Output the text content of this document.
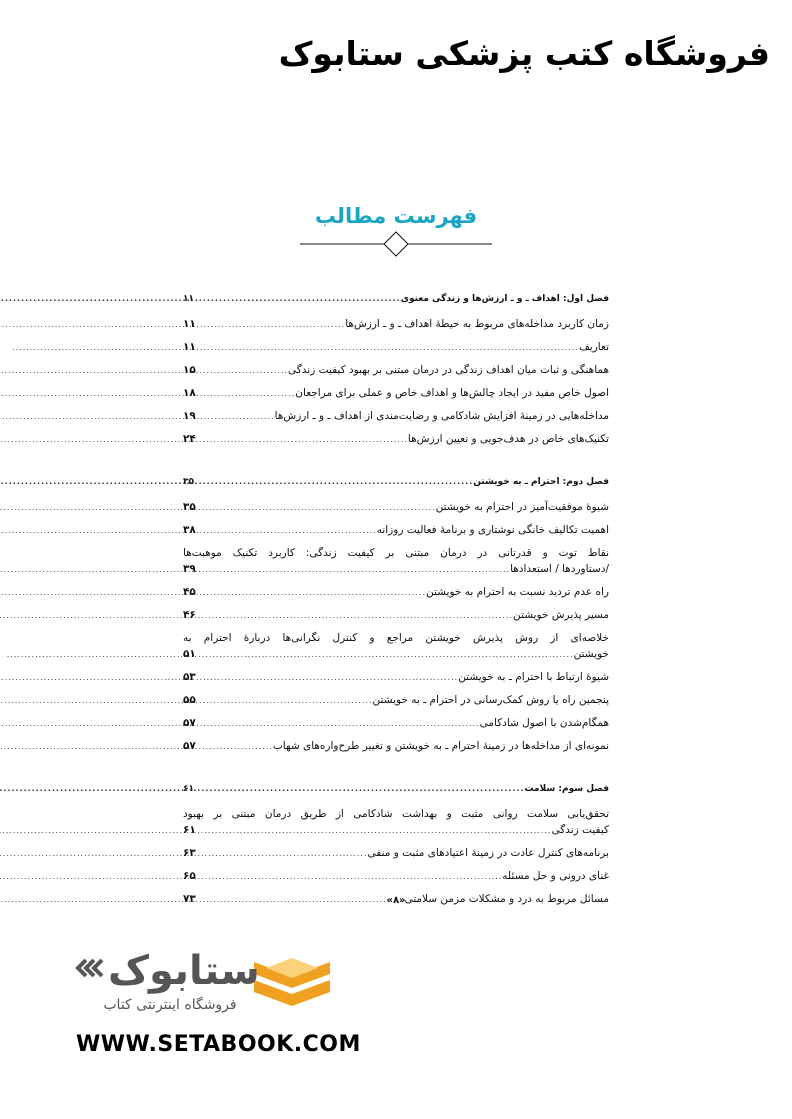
فروشگاه کتب پزشکی ستابوک
فهرست مطالب
فصل اول: اهداف ـ و ـ ارزش‌ها و زندگی معنوی
.....
۱۱
زمان کاربرد مداخله‌های مربوط به حیطهٔ اهداف ـ و ـ ارزش‌ها
.....
۱۱
تعاریف
.....
۱۱
هماهنگی و ثبات میان اهداف زندگی در درمان مبتنی بر بهبود کیفیت زندگی
.....
۱۵
اصول خاص مفید در ایجاد چالش‌ها و اهداف خاص و عملی برای مراجعان
.....
۱۸
مداخله‌هایی در زمینهٔ افزایش شادکامی و رضایت‌مندی از اهداف ـ و ـ ارزش‌ها
.....
۱۹
تکنیک‌های خاص در هدف‌جویی و تعیین ارزش‌ها
.....
۲۴
فصل دوم: احترام ـ به خویشتن
.....
۳۵
شیوهٔ موفقیت‌آمیز در احترام به خویشتن
.....
۳۵
اهمیت تکالیف خانگی نوشتاری و برنامهٔ فعالیت روزانه
.....
۳۸
نقاط توت و قدرتانی در درمان مبتنی بر کیفیت زندگی: کاربرد تکنیک موهبت‌ها
/دستاوردها / استعدادها
.....
۳۹
راه عدم تردید نسبت به احترام به خویشتن
.....
۴۵
مسیر پذیرش خویشتن
.....
۴۶
خلاصه‌ای از روش پذیرش خویشتن مراجع و کنترل نگرانی‌ها دربارهٔ احترام به
خویشتن
.....
۵۱
شیوهٔ ارتباط با احترام ـ به خویشتن
.....
۵۳
پنجمین راه یا روش کمک‌رسانی در احترام ـ به خویشتن
.....
۵۵
همگام‌شدن با اصول شادکامی
.....
۵۷
نمونه‌ای از مداخله‌ها در زمینهٔ احترام ـ به خویشتن و تغییر طرح‌واره‌های شهاب
.....
۵۷
فصل سوم: سلامت
.....
۶۱
تحقق‌یابی سلامت روانی مثبت و بهداشت شادکامی از طریق درمان مبتنی بر بهبود
کیفیت زندگی
.....
۶۱
برنامه‌های کنترل عادت در زمینهٔ اعتیادهای مثبت و منفی
.....
۶۳
غنای درونی و حل مسئله
.....
۶۵
مسائل مربوط به درد و مشکلات مزمن سلامتی
.....
۷۳	«۸»
ستابوک
فروشگاه اینترنتی کتاب
WWW.SETABOOK.COM
